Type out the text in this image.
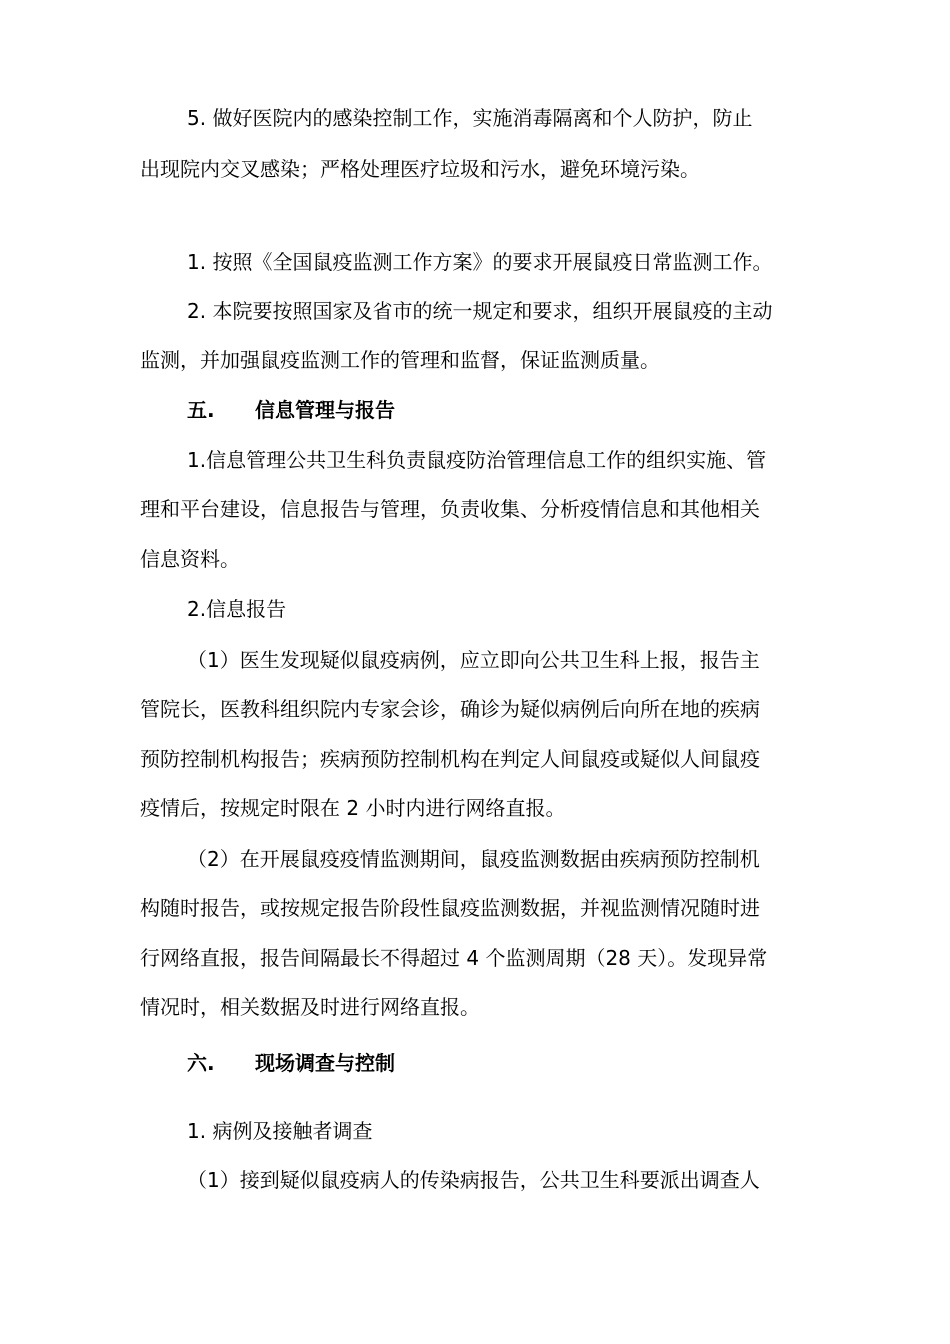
5. 做好医院内的感染控制工作，实施消毒隔离和个人防护，防止
出现院内交叉感染；严格处理医疗垃圾和污水，避免环境污染。
1. 按照《全国鼠疫监测工作方案》的要求开展鼠疫日常监测工作。
2. 本院要按照国家及省市的统一规定和要求，组织开展鼠疫的主动
监测，并加强鼠疫监测工作的管理和监督，保证监测质量。
五. 信息管理与报告
1.信息管理公共卫生科负责鼠疫防治管理信息工作的组织实施、管
理和平台建设，信息报告与管理，负责收集、分析疫情信息和其他相关
信息资料。
2.信息报告
（1）医生发现疑似鼠疫病例，应立即向公共卫生科上报，报告主
管院长，医教科组织院内专家会诊，确诊为疑似病例后向所在地的疾病
预防控制机构报告；疾病预防控制机构在判定人间鼠疫或疑似人间鼠疫
疫情后，按规定时限在 2 小时内进行网络直报。
（2）在开展鼠疫疫情监测期间，鼠疫监测数据由疾病预防控制机
构随时报告，或按规定报告阶段性鼠疫监测数据，并视监测情况随时进
行网络直报，报告间隔最长不得超过 4 个监测周期（28 天）。发现异常
情况时，相关数据及时进行网络直报。
六. 现场调查与控制
1. 病例及接触者调查
（1）接到疑似鼠疫病人的传染病报告，公共卫生科要派出调查人
